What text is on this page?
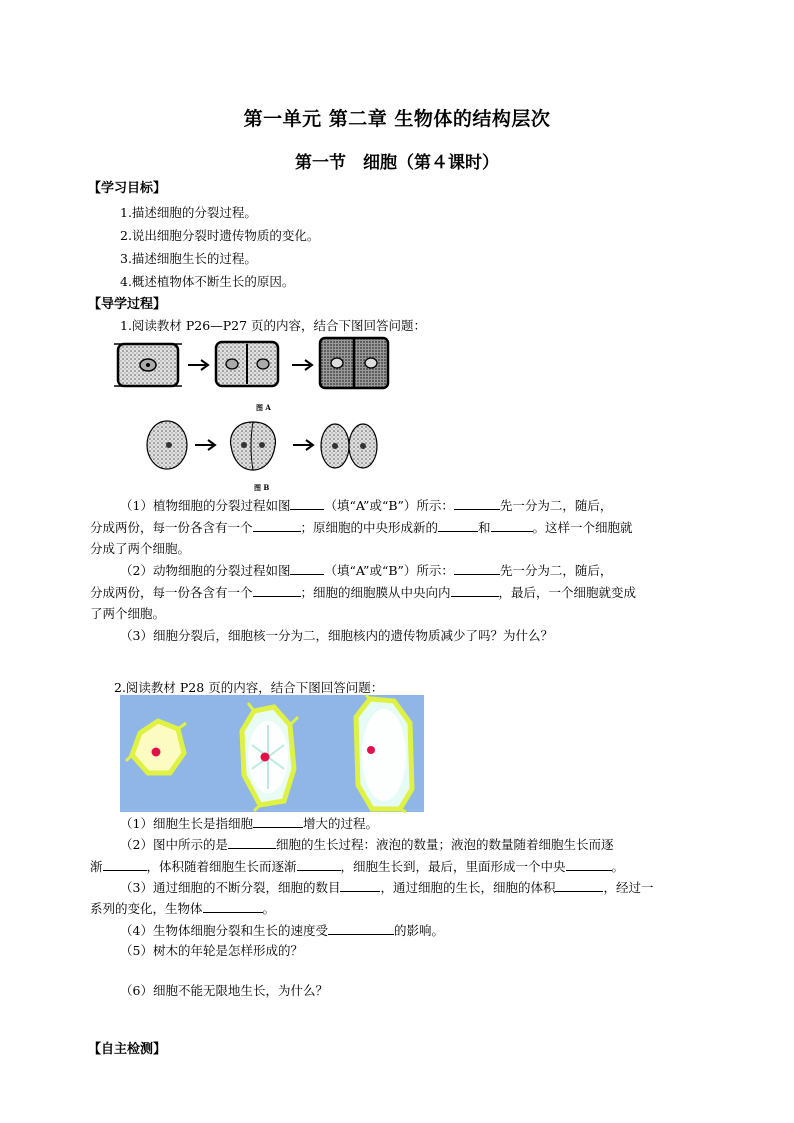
第一单元 第二章 生物体的结构层次
第一节　细胞（第４课时）
【学习目标】
1.描述细胞的分裂过程。
2.说出细胞分裂时遗传物质的变化。
3.描述细胞生长的过程。
4.概述植物体不断生长的原因。
【导学过程】
1.阅读教材 P26—P27 页的内容，结合下图回答问题：
图 A
图 B
（1）植物细胞的分裂过程如图	（填“A”或“B”）所示：	先一分为二，随后，
分成两份，每一份各含有一个	；原细胞的中央形成新的	和	。这样一个细胞就
分成了两个细胞。
（2）动物细胞的分裂过程如图	（填“A”或“B”）所示：	先一分为二，随后，
分成两份，每一份各含有一个	；细胞的细胞膜从中央向内	，最后，一个细胞就变成
了两个细胞。
（3）细胞分裂后，细胞核一分为二，细胞核内的遗传物质减少了吗？为什么？
2.阅读教材 P28 页的内容，结合下图回答问题：
（1）细胞生长是指细胞	增大的过程。
（2）图中所示的是	细胞的生长过程：液泡的数量；液泡的数量随着细胞生长而逐
渐	，体积随着细胞生长而逐渐	，细胞生长到，最后，里面形成一个中央	。
（3）通过细胞的不断分裂，细胞的数目	，通过细胞的生长，细胞的体积	，经过一
系列的变化，生物体	。
（4）生物体细胞分裂和生长的速度受	的影响。
（5）树木的年轮是怎样形成的？
（6）细胞不能无限地生长，为什么？
【自主检测】
